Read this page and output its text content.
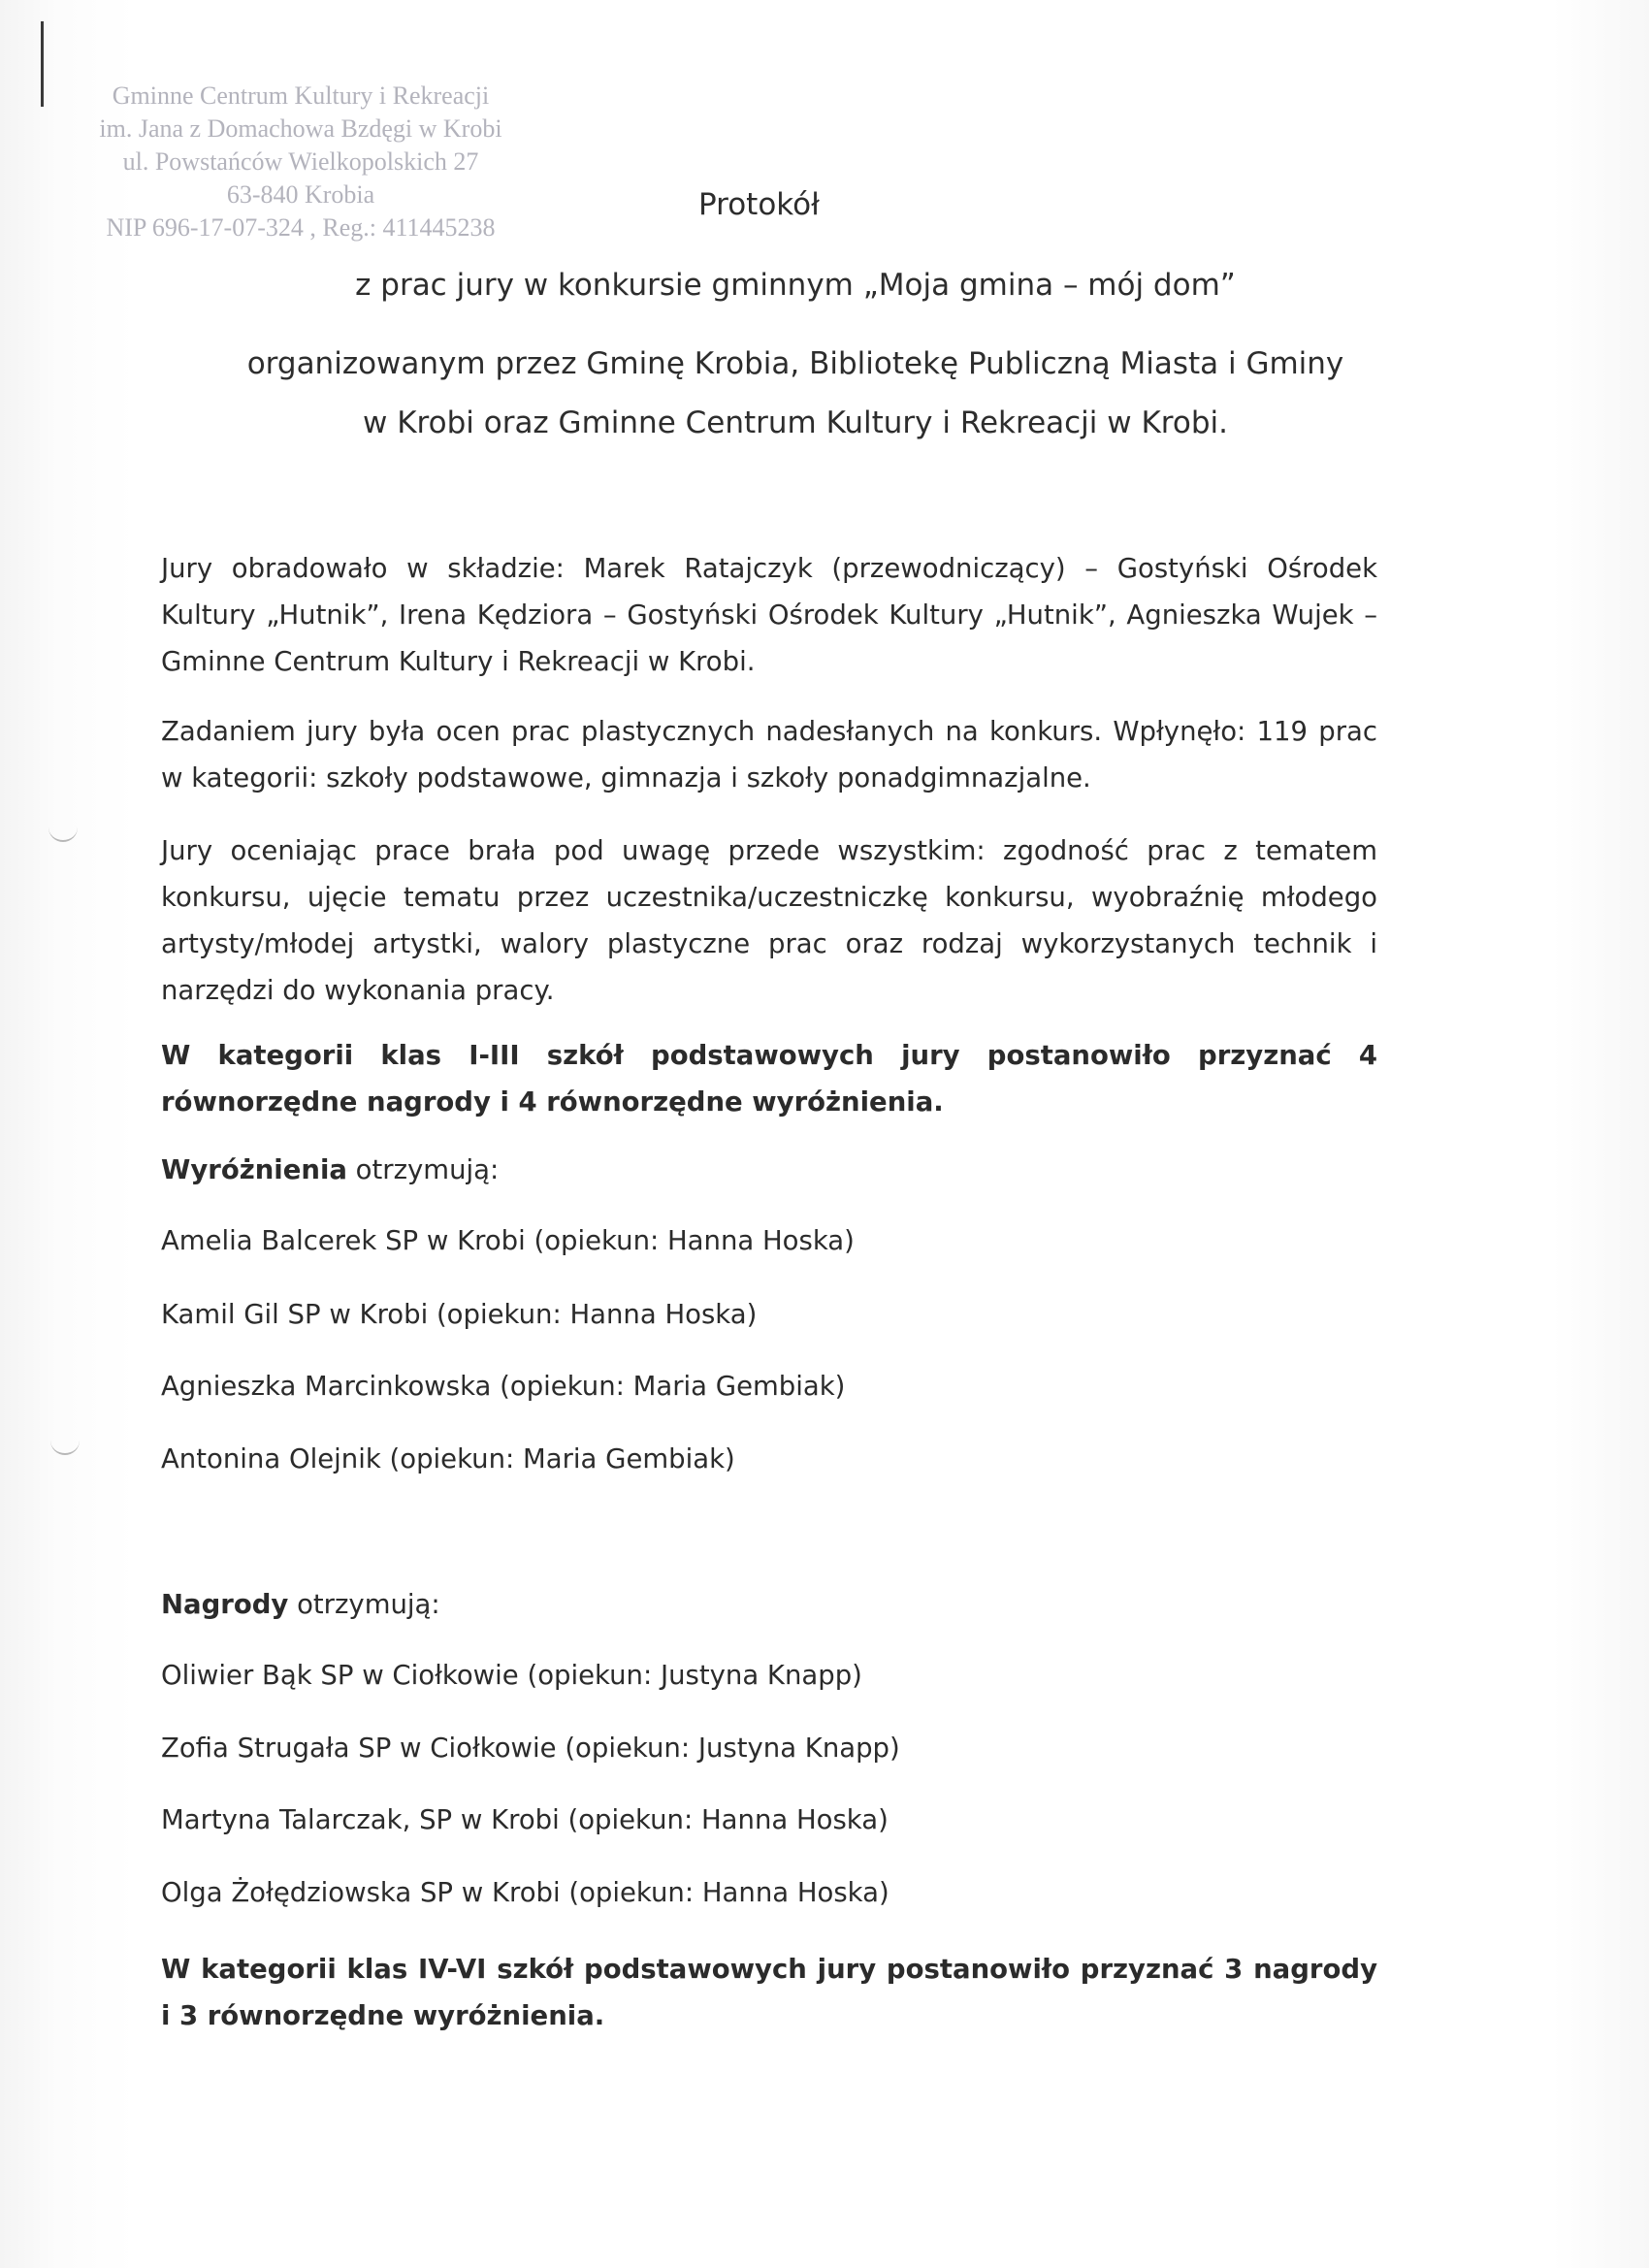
Gminne Centrum Kultury i Rekreacji
im. Jana z Domachowa Bzdęgi w Krobi
ul. Powstańców Wielkopolskich 27
63-840 Krobia
NIP 696-17-07-324 , Reg.: 411445238
Protokół
z prac jury w konkursie gminnym „Moja gmina – mój dom”
organizowanym przez Gminę Krobia, Bibliotekę Publiczną Miasta i Gminy
w Krobi oraz Gminne Centrum Kultury i Rekreacji w Krobi.
Jury obradowało w składzie: Marek Ratajczyk (przewodniczący) – Gostyński Ośrodek Kultury „Hutnik”, Irena Kędziora – Gostyński Ośrodek Kultury „Hutnik”, Agnieszka Wujek – Gminne Centrum Kultury i Rekreacji w Krobi.
Zadaniem jury była ocen prac plastycznych nadesłanych na konkurs. Wpłynęło: 119 prac w kategorii: szkoły podstawowe, gimnazja i szkoły ponadgimnazjalne.
Jury oceniając prace brała pod uwagę przede wszystkim: zgodność prac z tematem konkursu, ujęcie tematu przez uczestnika/uczestniczkę konkursu, wyobraźnię młodego artysty/młodej artystki, walory plastyczne prac oraz rodzaj wykorzystanych technik i narzędzi do wykonania pracy.
W kategorii klas I-III szkół podstawowych jury postanowiło przyznać 4 równorzędne nagrody i 4 równorzędne wyróżnienia.
Wyróżnienia otrzymują:
Amelia Balcerek SP w Krobi (opiekun: Hanna Hoska)
Kamil Gil SP w Krobi (opiekun: Hanna Hoska)
Agnieszka Marcinkowska (opiekun: Maria Gembiak)
Antonina Olejnik (opiekun: Maria Gembiak)
Nagrody otrzymują:
Oliwier Bąk SP w Ciołkowie (opiekun: Justyna Knapp)
Zofia Strugała SP w Ciołkowie (opiekun: Justyna Knapp)
Martyna Talarczak, SP w Krobi (opiekun: Hanna Hoska)
Olga Żołędziowska SP w Krobi (opiekun: Hanna Hoska)
W kategorii klas IV-VI szkół podstawowych jury postanowiło przyznać 3 nagrody i 3 równorzędne wyróżnienia.
